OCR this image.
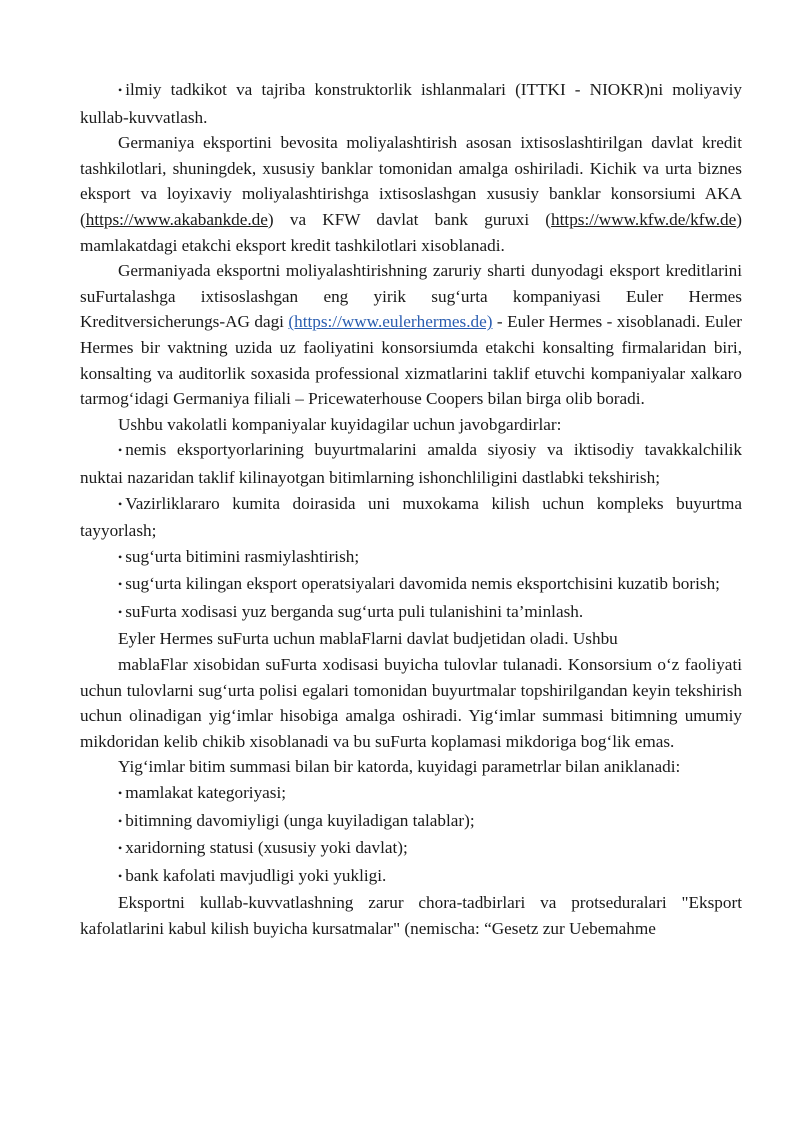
• ilmiy tadkikot va tajriba konstruktorlik ishlanmalari (ITTKI - NIOKR)ni moliyaviy kullab-kuvvatlash.

Germaniya eksportini bevosita moliyalashtirish asosan ixtisoslashtirilgan davlat kredit tashkilotlari, shuningdek, xususiy banklar tomonidan amalga oshiriladi. Kichik va urta biznes eksport va loyixaviy moliyalashtirishga ixtisoslashgan xususiy banklar konsorsiumi AKA (https://www.akabankde.de) va KFW davlat bank guruxi (https://www.kfw.de/kfw.de) mamlakatdagi etakchi eksport kredit tashkilotlari xisoblanadi.

Germaniyada eksportni moliyalashtirishning zaruriy sharti dunyodagi eksport kreditlarini suFurtalashga ixtisoslashgan eng yirik sug‘urta kompaniyasi Euler Hermes Kreditversicherungs-AG dagi (https://www.eulerhermes.de) - Euler Hermes - xisoblanadi. Euler Hermes bir vaktning uzida uz faoliyatini konsorsiumda etakchi konsalting firmalaridan biri, konsalting va auditorlik soxasida professional xizmatlarini taklif etuvchi kompaniyalar xalkaro tarmog‘idagi Germaniya filiali – Pricewaterhouse Coopers bilan birga olib boradi.

Ushbu vakolatli kompaniyalar kuyidagilar uchun javobgardirlar:

• nemis eksportyorlarining buyurtmalarini amalda siyosiy va iktisodiy tavakkalchilik nuktai nazaridan taklif kilinayotgan bitimlarning ishonchliligini dastlabki tekshirish;

• Vazirliklararo kumita doirasida uni muxokama kilish uchun kompleks buyurtma tayyorlash;

• sug‘urta bitimini rasmiylashtirish;

• sug‘urta kilingan eksport operatsiyalari davomida nemis eksportchisini kuzatib borish;

• suFurta xodisasi yuz berganda sug‘urta puli tulanishini ta’minlash.

Eyler Hermes suFurta uchun mablaFlarni davlat budjetidan oladi. Ushbu

mablaFlar xisobidan suFurta xodisasi buyicha tulovlar tulanadi. Konsorsium o‘z faoliyati uchun tulovlarni sug‘urta polisi egalari tomonidan buyurtmalar topshirilgandan keyin tekshirish uchun olinadigan yig‘imlar hisobiga amalga oshiradi. Yig‘imlar summasi bitimning umumiy mikdoridan kelib chikib xisoblanadi va bu suFurta koplamasi mikdoriga bog‘lik emas.

Yig‘imlar bitim summasi bilan bir katorda, kuyidagi parametrlar bilan aniklanadi:

• mamlakat kategoriyasi;

• bitimning davomiyligi (unga kuyiladigan talablar);

• xaridorning statusi (xususiy yoki davlat);

• bank kafolati mavjudligi yoki yukligi.

Eksportni kullab-kuvvatlashning zarur chora-tadbirlari va protseduralari "Eksport kafolatlarini kabul kilish buyicha kursatmalar" (nemischa: “Gesetz zur Uebemahme
